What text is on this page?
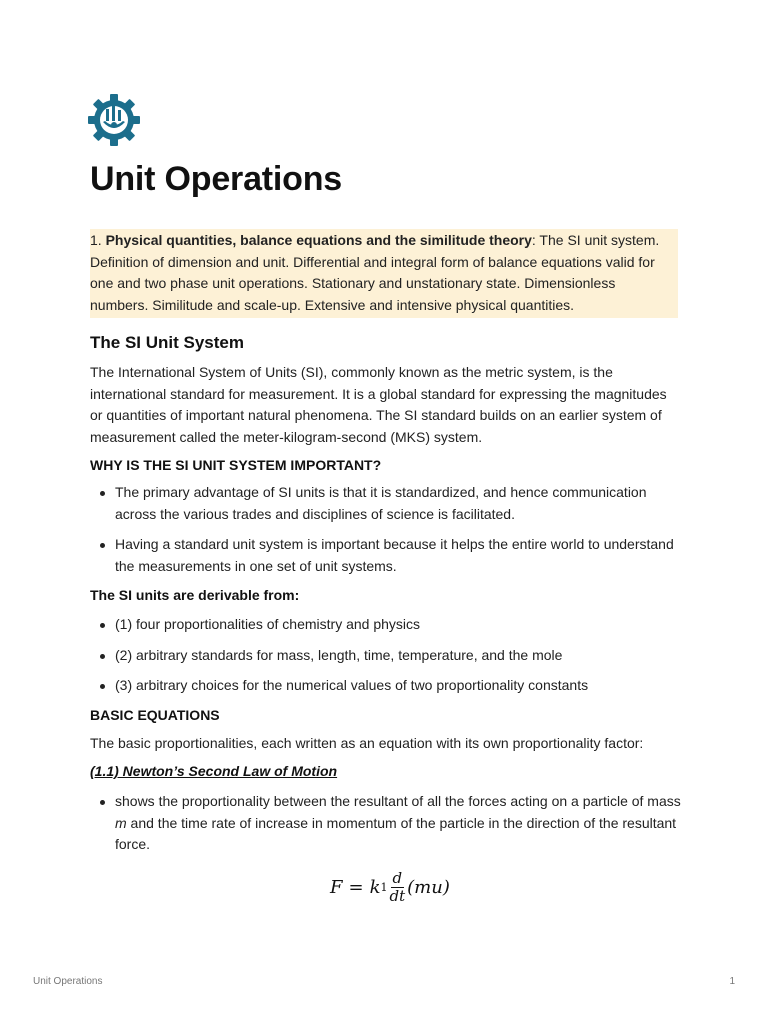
Unit Operations
1. Physical quantities, balance equations and the similitude theory: The SI unit system. Definition of dimension and unit. Differential and integral form of balance equations valid for one and two phase unit operations. Stationary and unstationary state. Dimensionless numbers. Similitude and scale-up. Extensive and intensive physical quantities.
The SI Unit System

The International System of Units (SI), commonly known as the metric system, is the international standard for measurement. It is a global standard for expressing the magnitudes or quantities of important natural phenomena. The SI standard builds on an earlier system of measurement called the meter-kilogram-second (MKS) system.

WHY IS THE SI UNIT SYSTEM IMPORTANT?

The primary advantage of SI units is that it is standardized, and hence communication across the various trades and disciplines of science is facilitated.
Having a standard unit system is important because it helps the entire world to understand the measurements in one set of unit systems.

The SI units are derivable from:

(1) four proportionalities of chemistry and physics
(2) arbitrary standards for mass, length, time, temperature, and the mole
(3) arbitrary choices for the numerical values of two proportionality constants

BASIC EQUATIONS

The basic proportionalities, each written as an equation with its own proportionality factor:

(1.1) Newton’s Second Law of Motion

shows the proportionality between the resultant of all the forces acting on a particle of mass m and the time rate of increase in momentum of the particle in the direction of the resultant force.
F = k $1 \frac{d}{dt} (mu)$
Unit Operations	1
